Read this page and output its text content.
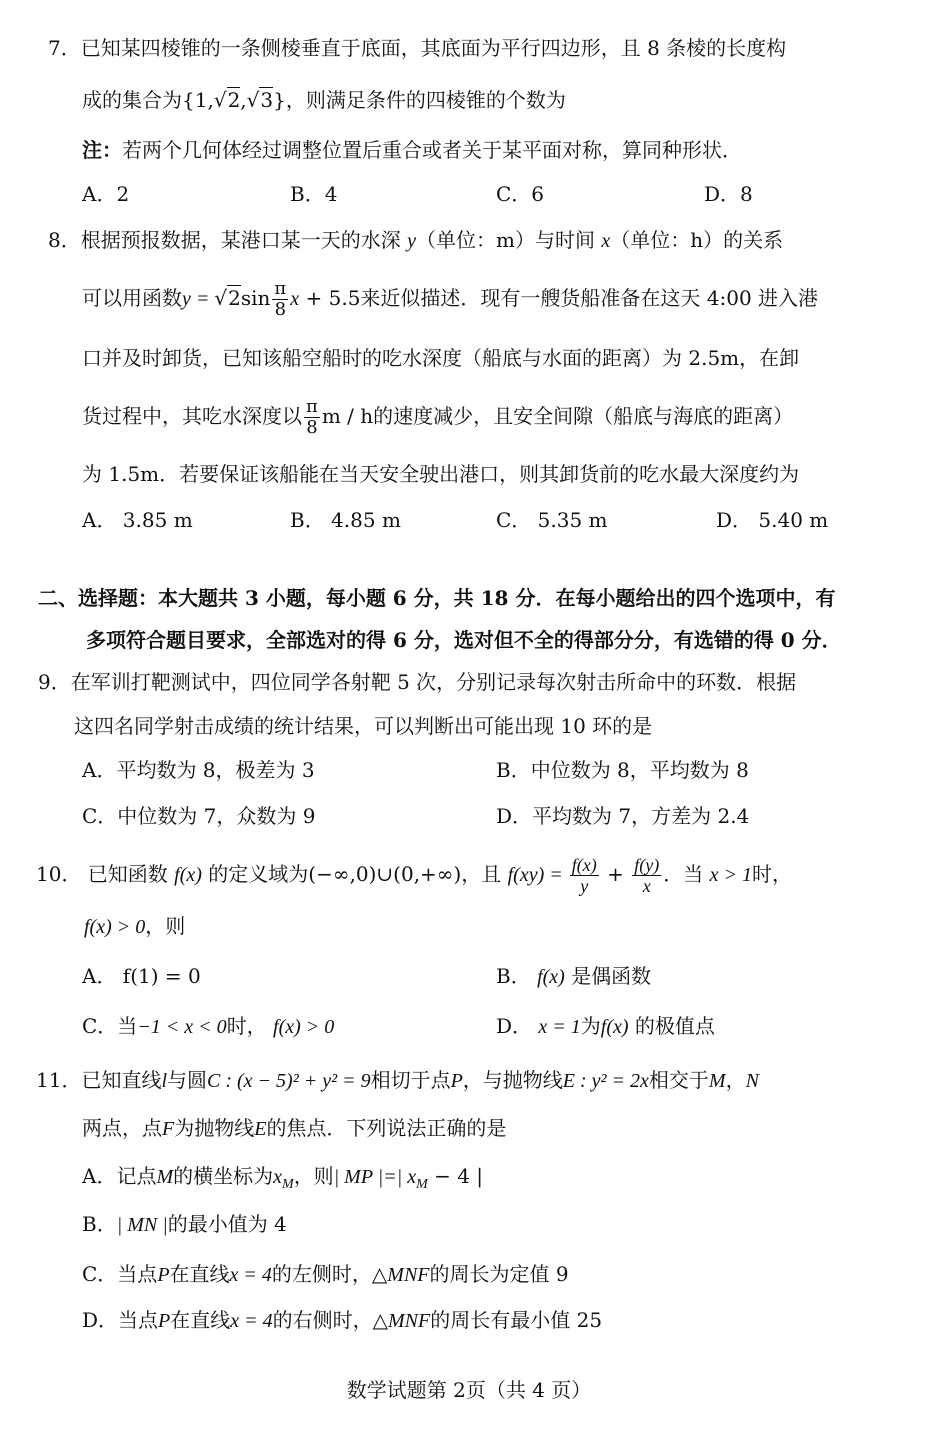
7．已知某四棱锥的一条侧棱垂直于底面，其底面为平行四边形，且 8 条棱的长度构
成的集合为{1,√2,√3}，则满足条件的四棱锥的个数为
注：若两个几何体经过调整位置后重合或者关于某平面对称，算同种形状．
A．2	B．4	C．6	D．8
8．根据预报数据，某港口某一天的水深 y（单位：m）与时间 x（单位：h）的关系
可以用函数$y = √2\sin \frac{\pi}{8}$ x + 5.5来近似描述．现有一艘货船准备在这天 4:00 进入港
口并及时卸货，已知该船空船时的吃水深度（船底与水面的距离）为 2.5m，在卸
货过程中，其吃水深度以 $\frac{\pi}{8}$ m / h的速度减少，且安全间隙（船底与海底的距离）
为 1.5m．若要保证该船能在当天安全驶出港口，则其卸货前的吃水最大深度约为
A． 3.85 m	B． 4.85 m	C． 5.35 m	D． 5.40 m
二、选择题：本大题共 3 小题，每小题 6 分，共 18 分．在每小题给出的四个选项中，有
多项符合题目要求，全部选对的得 6 分，选对但不全的得部分分，有选错的得 0 分．
9．在军训打靶测试中，四位同学各射靶 5 次，分别记录每次射击所命中的环数．根据
这四名同学射击成绩的统计结果，可以判断出可能出现 10 环的是
A．平均数为 8，极差为 3	B．中位数为 8，平均数为 8
C．中位数为 7，众数为 9	D．平均数为 7，方差为 2.4
10． 已知函数 f(x) 的定义域为(−∞,0)∪(0,+∞)，且 $f(xy) = \frac{f(x)}{y} + \frac{f(y)}{x}$ ．当 x > 1时，
f(x) > 0，则
A． f(1) = 0	B． f(x) 是偶函数
C．当−1 < x < 0时， f(x) > 0	D． x = 1为f(x) 的极值点
11．已知直线l与圆C : (x − 5)² + y² = 9相切于点P，与抛物线E : y² = 2x相交于M，N
两点，点F为抛物线E的焦点．下列说法正确的是
A．记点M的横坐标为$x_M$，则| MP |=| $x_M - 4$ |
B．| MN |的最小值为 4
C．当点P在直线x = 4的左侧时，△MNF的周长为定值 9
D．当点P在直线x = 4的右侧时，△MNF的周长有最小值 25
数学试题第 2页（共 4 页）
